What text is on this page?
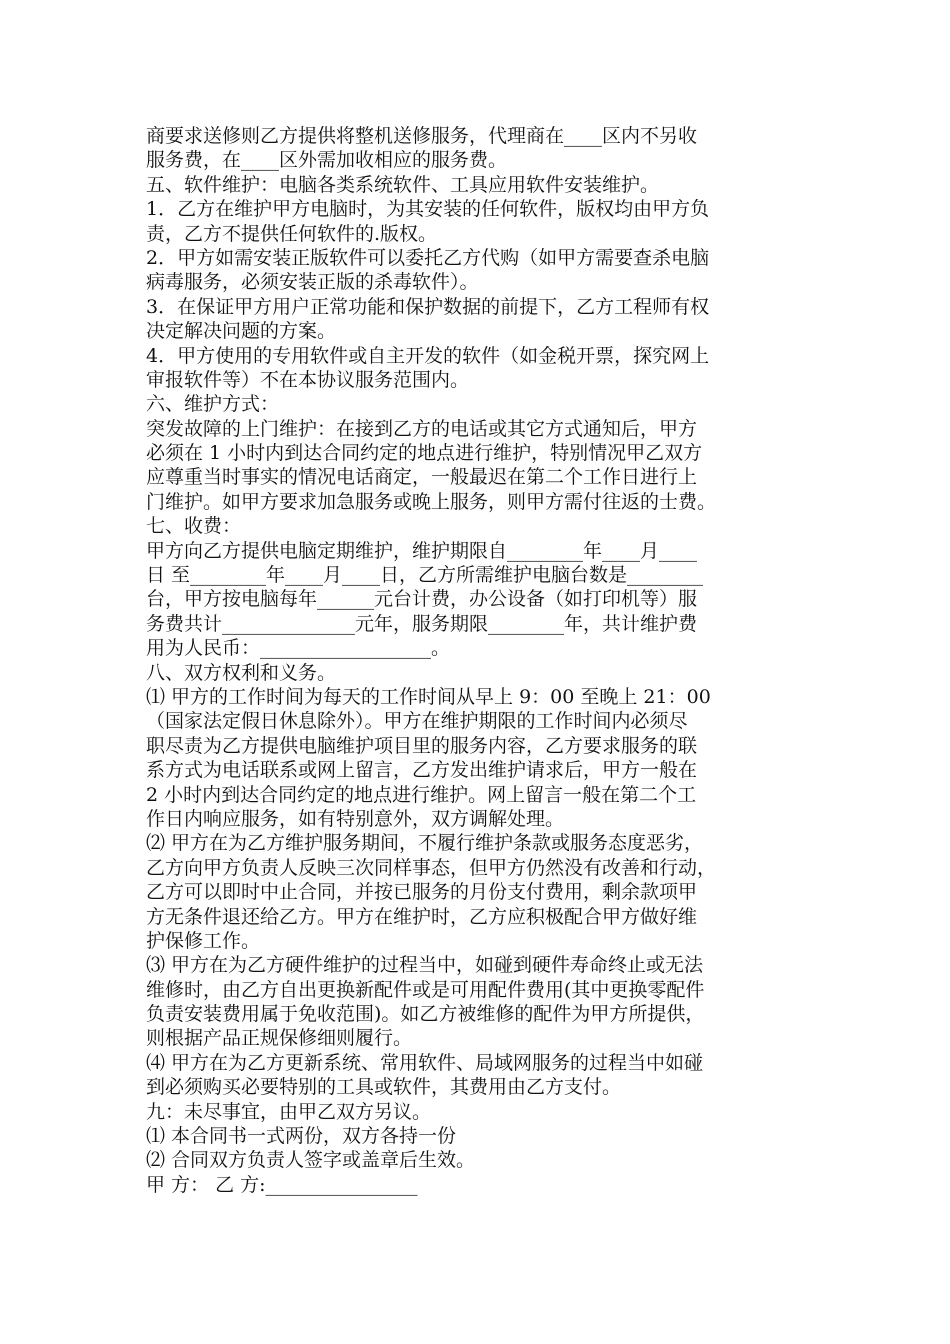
商要求送修则乙方提供将整机送修服务，代理商在____区内不另收
服务费，在____区外需加收相应的服务费。
五、软件维护：电脑各类系统软件、工具应用软件安装维护。
1．乙方在维护甲方电脑时，为其安装的任何软件，版权均由甲方负
责，乙方不提供任何软件的.版权。
2．甲方如需安装正版软件可以委托乙方代购（如甲方需要查杀电脑
病毒服务，必须安装正版的杀毒软件）。
3．在保证甲方用户正常功能和保护数据的前提下，乙方工程师有权
决定解决问题的方案。
4．甲方使用的专用软件或自主开发的软件（如金税开票，探究网上
审报软件等）不在本协议服务范围内。
六、维护方式：
突发故障的上门维护：在接到乙方的电话或其它方式通知后，甲方
必须在 1 小时内到达合同约定的地点进行维护，特别情况甲乙双方
应尊重当时事实的情况电话商定，一般最迟在第二个工作日进行上
门维护。如甲方要求加急服务或晚上服务，则甲方需付往返的士费。
七、收费：
甲方向乙方提供电脑定期维护，维护期限自________年____月____
日 至________年____月____日，乙方所需维护电脑台数是________
台，甲方按电脑每年______元台计费，办公设备（如打印机等）服
务费共计______________元年，服务期限________年，共计维护费
用为人民币：__________________。
八、双方权利和义务。
⑴ 甲方的工作时间为每天的工作时间从早上 9：00 至晚上 21：00
（国家法定假日休息除外）。甲方在维护期限的工作时间内必须尽
职尽责为乙方提供电脑维护项目里的服务内容，乙方要求服务的联
系方式为电话联系或网上留言，乙方发出维护请求后，甲方一般在
2 小时内到达合同约定的地点进行维护。网上留言一般在第二个工
作日内响应服务，如有特别意外，双方调解处理。
⑵ 甲方在为乙方维护服务期间，不履行维护条款或服务态度恶劣，
乙方向甲方负责人反映三次同样事态，但甲方仍然没有改善和行动，
乙方可以即时中止合同，并按已服务的月份支付费用，剩余款项甲
方无条件退还给乙方。甲方在维护时，乙方应积极配合甲方做好维
护保修工作。
⑶ 甲方在为乙方硬件维护的过程当中，如碰到硬件寿命终止或无法
维修时，由乙方自出更换新配件或是可用配件费用(其中更换零配件
负责安装费用属于免收范围)。如乙方被维修的配件为甲方所提供，
则根据产品正规保修细则履行。
⑷ 甲方在为乙方更新系统、常用软件、局域网服务的过程当中如碰
到必须购买必要特别的工具或软件，其费用由乙方支付。
九：未尽事宜，由甲乙双方另议。
⑴ 本合同书一式两份，双方各持一份
⑵ 合同双方负责人签字或盖章后生效。
甲 方： 乙 方:________________
